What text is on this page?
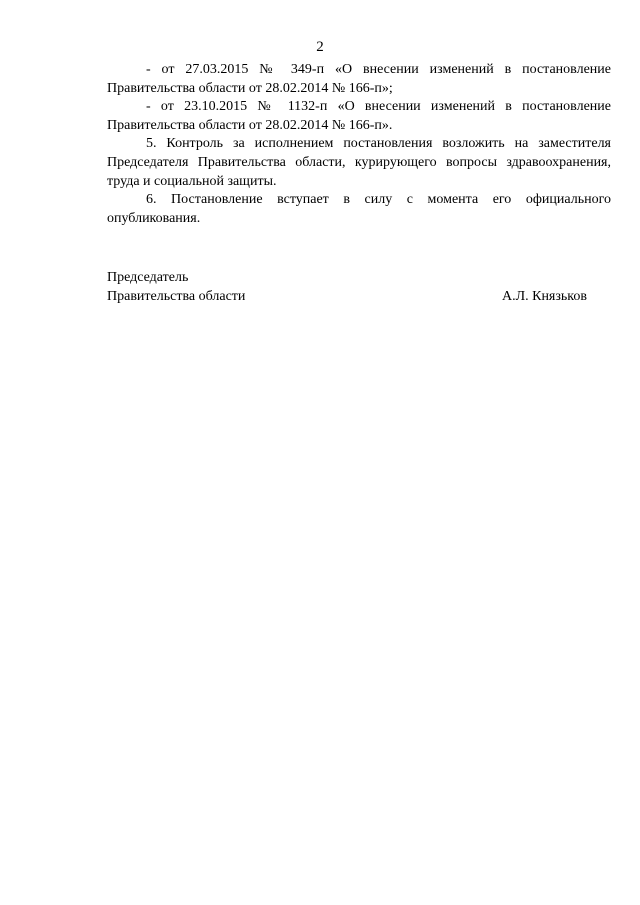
2

- от 27.03.2015 № 349-п «О внесении изменений в постановление Правительства области от 28.02.2014 № 166-п»;

- от 23.10.2015 № 1132-п «О внесении изменений в постановление Правительства области от 28.02.2014 № 166-п».

5. Контроль за исполнением постановления возложить на заместителя Председателя Правительства области, курирующего вопросы здравоохранения, труда и социальной защиты.

6. Постановление вступает в силу с момента его официального опубликования.

Председатель
Правительства области	А.Л. Князьков
